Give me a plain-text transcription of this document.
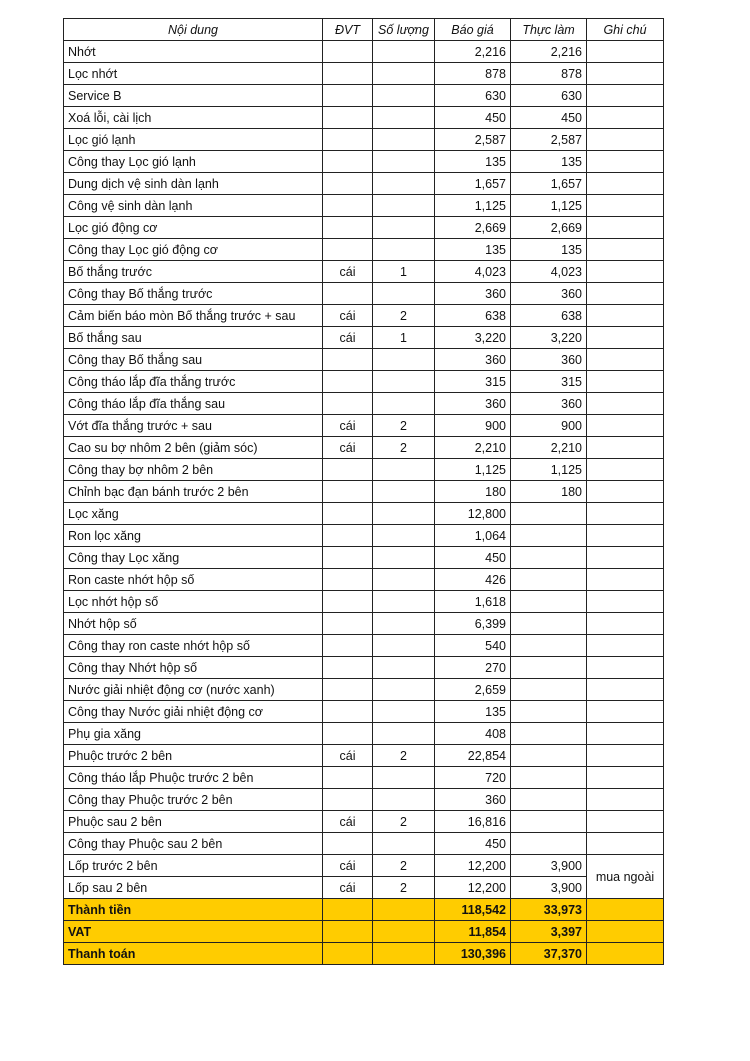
Nội dung	ĐVT	Số lượng	Báo giá	Thực làm	Ghi chú
Nhớt			2,216	2,216	
Lọc nhớt			878	878	
Service B			630	630	
Xoá lỗi, cài lịch			450	450	
Lọc gió lạnh			2,587	2,587	
Công thay Lọc gió lạnh			135	135	
Dung dịch vệ sinh dàn lạnh			1,657	1,657	
Công vệ sinh dàn lạnh			1,125	1,125	
Lọc gió động cơ			2,669	2,669	
Công thay Lọc gió động cơ			135	135	
Bố thắng trước	cái	1	4,023	4,023	
Công thay Bố thắng trước			360	360	
Cảm biến báo mòn Bố thắng trước + sau	cái	2	638	638	
Bố thắng sau	cái	1	3,220	3,220	
Công thay Bố thắng sau			360	360	
Công tháo lắp đĩa thắng trước			315	315	
Công tháo lắp đĩa thắng sau			360	360	
Vớt đĩa thắng trước + sau	cái	2	900	900	
Cao su bợ nhôm 2 bên (giảm sóc)	cái	2	2,210	2,210	
Công thay bợ nhôm 2 bên			1,125	1,125	
Chỉnh bạc đạn bánh trước 2 bên			180	180	
Lọc xăng			12,800		
Ron lọc xăng			1,064		
Công thay Lọc xăng			450		
Ron caste nhớt hộp số			426		
Lọc nhớt hộp số			1,618		
Nhớt hộp số			6,399		
Công thay ron caste nhớt hộp số			540		
Công thay Nhớt hộp số			270		
Nước giải nhiệt động cơ (nước xanh)			2,659		
Công thay Nước giải nhiệt động cơ			135		
Phụ gia xăng			408		
Phuộc trước 2 bên	cái	2	22,854		
Công tháo lắp Phuộc trước 2 bên			720		
Công thay Phuộc trước 2 bên			360		
Phuộc sau 2 bên	cái	2	16,816		
Công thay Phuộc sau 2 bên			450		
Lốp trước 2 bên	cái	2	12,200	3,900	mua ngoài
Lốp sau 2 bên	cái	2	12,200	3,900	
Thành tiền			118,542	33,973	
VAT			11,854	3,397	
Thanh toán			130,396	37,370	
